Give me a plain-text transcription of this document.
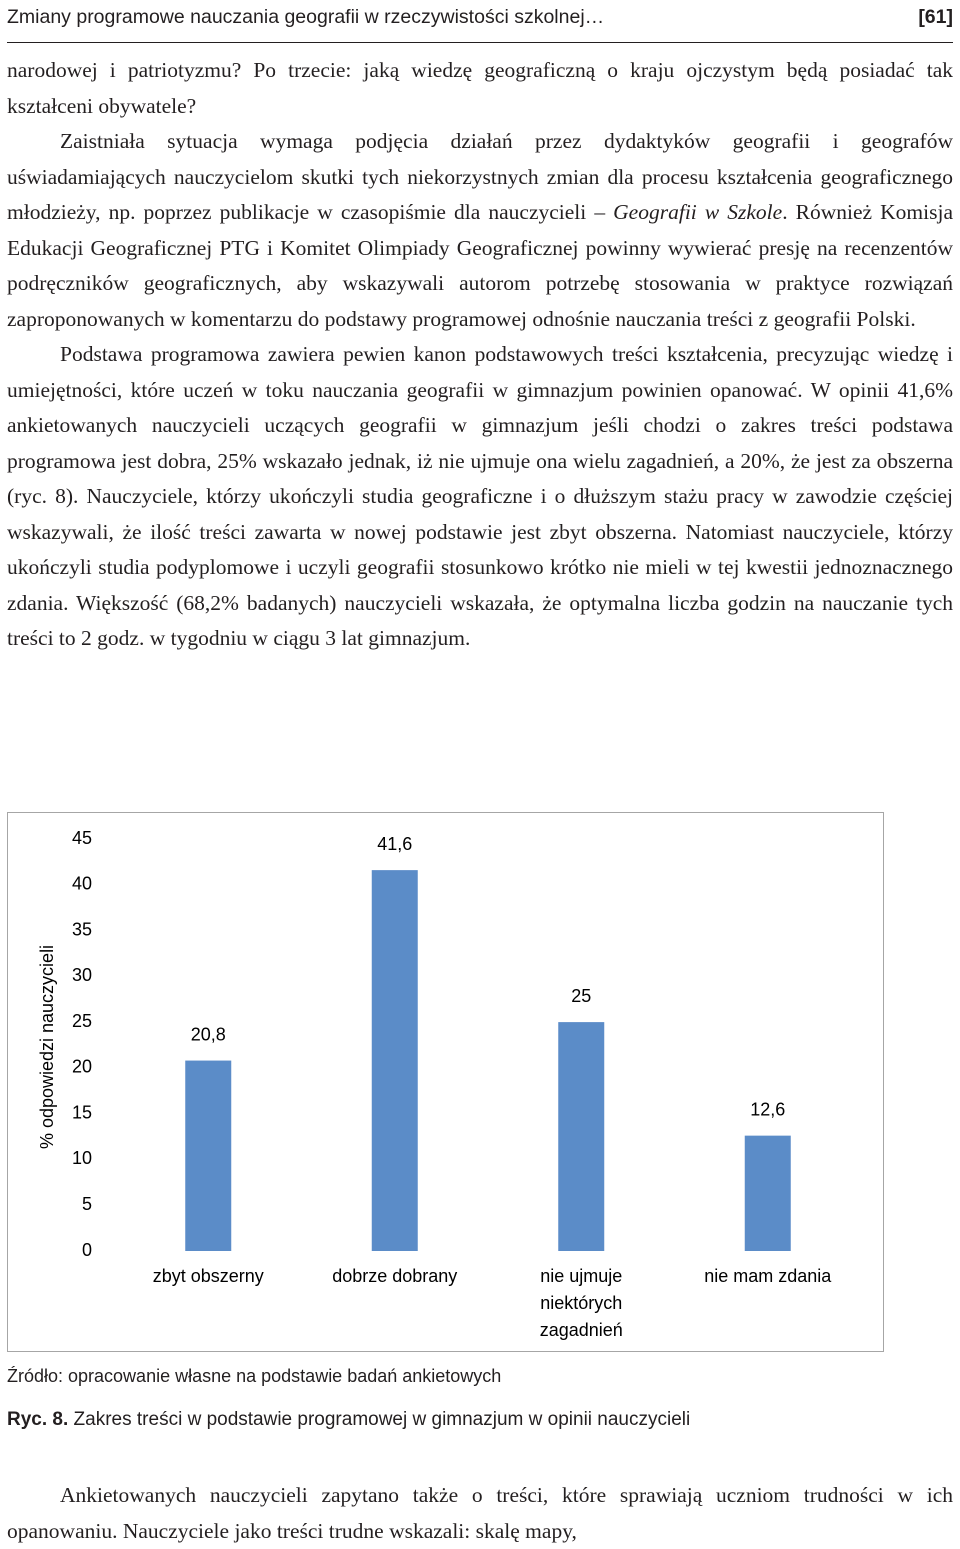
Zmiany programowe nauczania geografii w rzeczywistości szkolnej…	[61]

narodowej i patriotyzmu? Po trzecie: jaką wiedzę geograficzną o kraju ojczystym będą posiadać tak kształceni obywatele?

Zaistniała sytuacja wymaga podjęcia działań przez dydaktyków geografii i geografów uświadamiających nauczycielom skutki tych niekorzystnych zmian dla procesu kształcenia geograficznego młodzieży, np. poprzez publikacje w czasopiśmie dla nauczycieli – Geografii w Szkole. Również Komisja Edukacji Geograficznej PTG i Komitet Olimpiady Geograficznej powinny wywierać presję na recenzentów podręczników geograficznych, aby wskazywali autorom potrzebę stosowania w praktyce rozwiązań zaproponowanych w komentarzu do podstawy programowej odnośnie nauczania treści z geografii Polski.

Podstawa programowa zawiera pewien kanon podstawowych treści kształcenia, precyzując wiedzę i umiejętności, które uczeń w toku nauczania geografii w gimnazjum powinien opanować. W opinii 41,6% ankietowanych nauczycieli uczących geografii w gimnazjum jeśli chodzi o zakres treści podstawa programowa jest dobra, 25% wskazało jednak, iż nie ujmuje ona wielu zagadnień, a 20%, że jest za obszerna (ryc. 8). Nauczyciele, którzy ukończyli studia geograficzne i o dłuższym stażu pracy w zawodzie częściej wskazywali, że ilość treści zawarta w nowej podstawie jest zbyt obszerna. Natomiast nauczyciele, którzy ukończyli studia podyplomowe i uczyli geografii stosunkowo krótko nie mieli w tej kwestii jednoznacznego zdania. Większość (68,2% badanych) nauczycieli wskazała, że optymalna liczba godzin na nauczanie tych treści to 2 godz. w tygodniu w ciągu 3 lat gimnazjum.

% odpowiedzi nauczycieli
0
5
10
15
20
25
30
35
40
45
20,8
zbyt obszerny
41,6
dobrze dobrany
25
nie ujmuje
niektórych
zagadnień
12,6
nie mam zdania
Źródło: opracowanie własne na podstawie badań ankietowych
Ryc. 8. Zakres treści w podstawie programowej w gimnazjum w opinii nauczycieli

Ankietowanych nauczycieli zapytano także o treści, które sprawiają uczniom trudności w ich opanowaniu. Nauczyciele jako treści trudne wskazali: skalę mapy,
